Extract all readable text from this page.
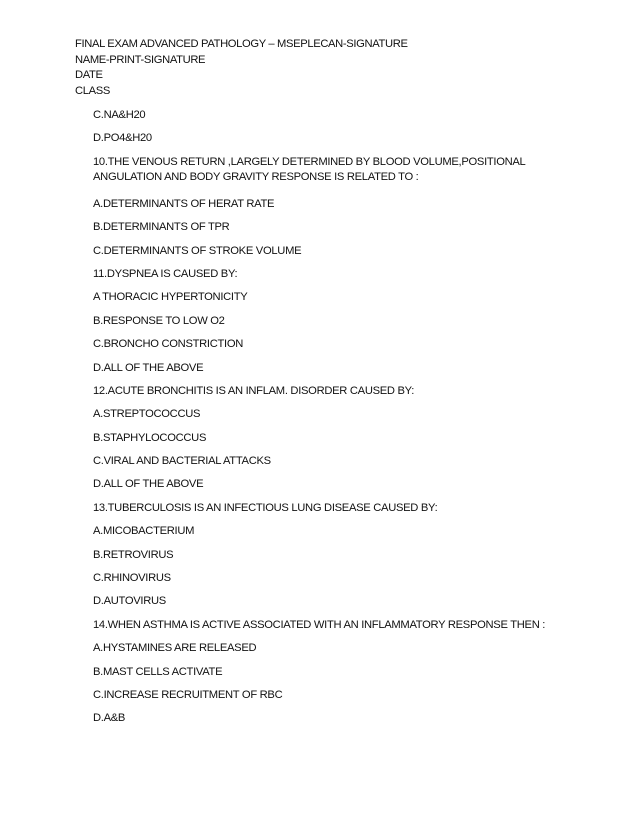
FINAL EXAM ADVANCED PATHOLOGY – MSEPLECAN-SIGNATURE
NAME-PRINT-SIGNATURE
DATE
CLASS
C.NA&H20
D.PO4&H20
10.THE VENOUS RETURN ,LARGELY DETERMINED BY BLOOD VOLUME,POSITIONAL ANGULATION AND BODY GRAVITY RESPONSE IS RELATED TO :
A.DETERMINANTS OF HERAT RATE
B.DETERMINANTS OF TPR
C.DETERMINANTS OF STROKE VOLUME
11.DYSPNEA IS CAUSED BY:
A THORACIC HYPERTONICITY
B.RESPONSE TO LOW O2
C.BRONCHO CONSTRICTION
D.ALL OF THE ABOVE
12.ACUTE BRONCHITIS IS AN INFLAM. DISORDER CAUSED BY:
A.STREPTOCOCCUS
B.STAPHYLOCOCCUS
C.VIRAL AND BACTERIAL ATTACKS
D.ALL OF THE ABOVE
13.TUBERCULOSIS IS AN INFECTIOUS LUNG DISEASE CAUSED BY:
A.MICOBACTERIUM
B.RETROVIRUS
C.RHINOVIRUS
D.AUTOVIRUS
14.WHEN ASTHMA IS ACTIVE ASSOCIATED WITH AN INFLAMMATORY RESPONSE THEN :
A.HYSTAMINES ARE RELEASED
B.MAST CELLS ACTIVATE
C.INCREASE RECRUITMENT OF RBC
D.A&B
